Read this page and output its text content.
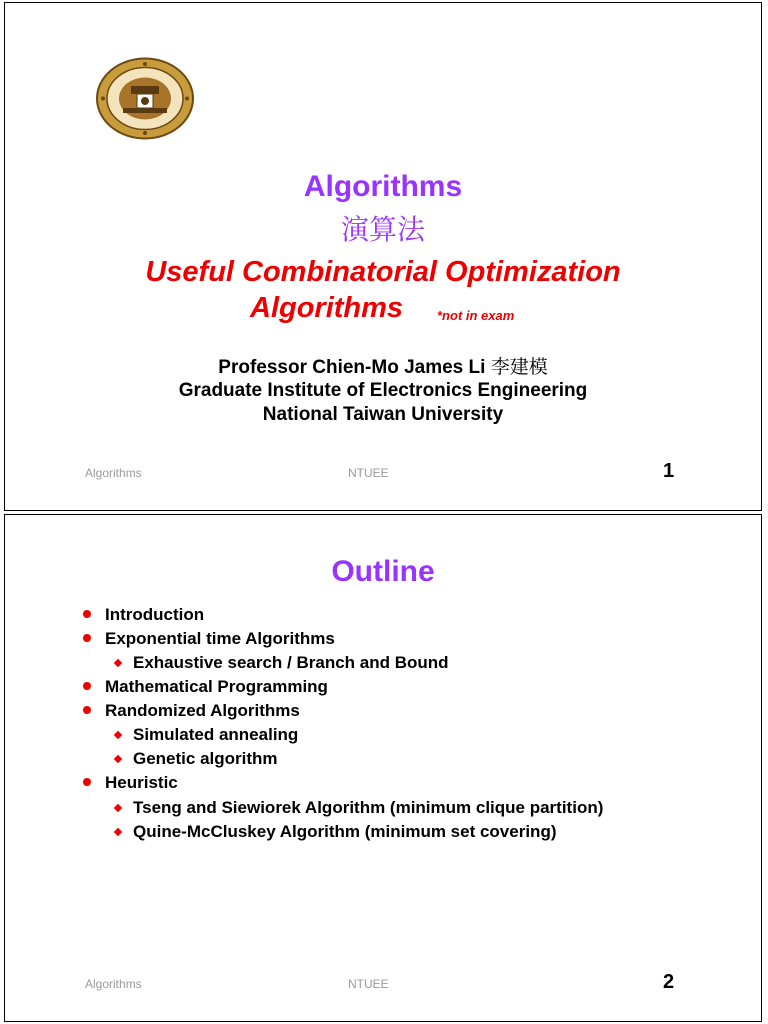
Algorithms
演算法
Useful Combinatorial Optimization
Algorithms	*not in exam
Professor Chien-Mo James Li 李建模
Graduate Institute of Electronics Engineering
National Taiwan University
Algorithms	NTUEE	1
Outline
Introduction
Exponential time Algorithms
Exhaustive search / Branch and Bound
Mathematical Programming
Randomized Algorithms
Simulated annealing
Genetic algorithm
Heuristic
Tseng and Siewiorek Algorithm (minimum clique partition)
Quine-McCluskey Algorithm (minimum set covering)
Algorithms	NTUEE	2
